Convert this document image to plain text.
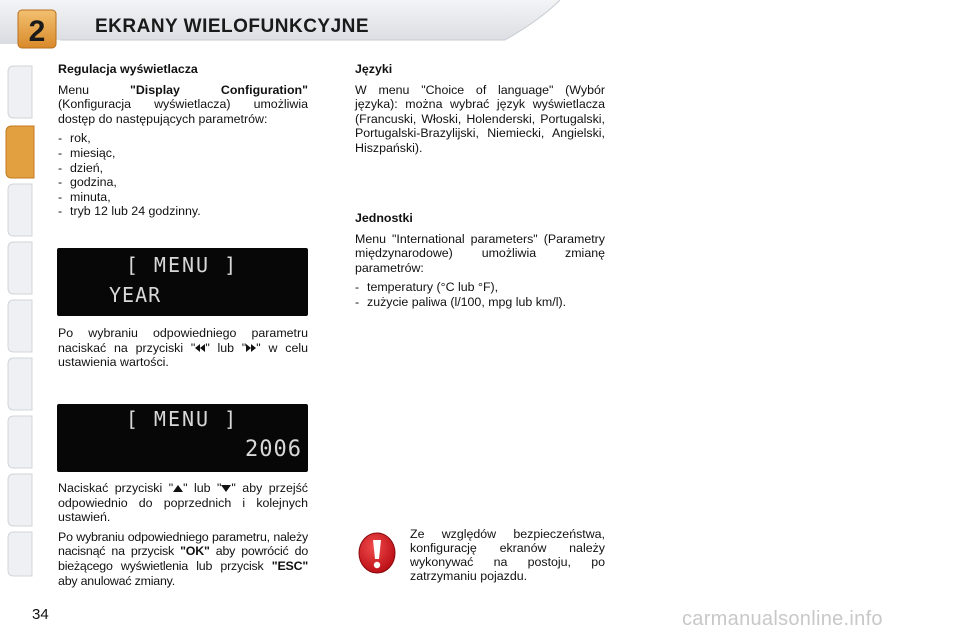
2	EKRANY WIELOFUNKCYJNE

Regulacja wyświetlacza

Menu "Display Configuration" (Konfiguracja wyświetlacza) umożliwia dostęp do następujących parametrów:

- rok,
- miesiąc,
- dzień,
- godzina,
- minuta,
- tryb 12 lub 24 godzinny.
[ MENU ]
YEAR

Po wybraniu odpowiedniego parametru naciskać na przyciski " " lub " " w celu ustawienia wartości.

[ MENU ]
2006

Naciskać przyciski " " lub " " aby przejść odpowiednio do poprzednich i kolejnych ustawień.

Po wybraniu odpowiedniego parametru, należy nacisnąć na przycisk "OK" aby powrócić do bieżącego wyświetlenia lub przycisk "ESC" aby anulować zmiany.

Języki

W menu "Choice of language" (Wybór języka): można wybrać język wyświetlacza (Francuski, Włoski, Holenderski, Portugalski, Portugalski-Brazylijski, Niemiecki, Angielski, Hiszpański).

Jednostki

Menu "International parameters" (Parametry międzynarodowe) umożliwia zmianę parametrów:

- temperatury (°C lub °F),
- zużycie paliwa (l/100, mpg lub km/l).
Ze względów bezpieczeństwa, konfigurację ekranów należy wykonywać na postoju, po zatrzymaniu pojazdu.
34	carmanualsonline.info
